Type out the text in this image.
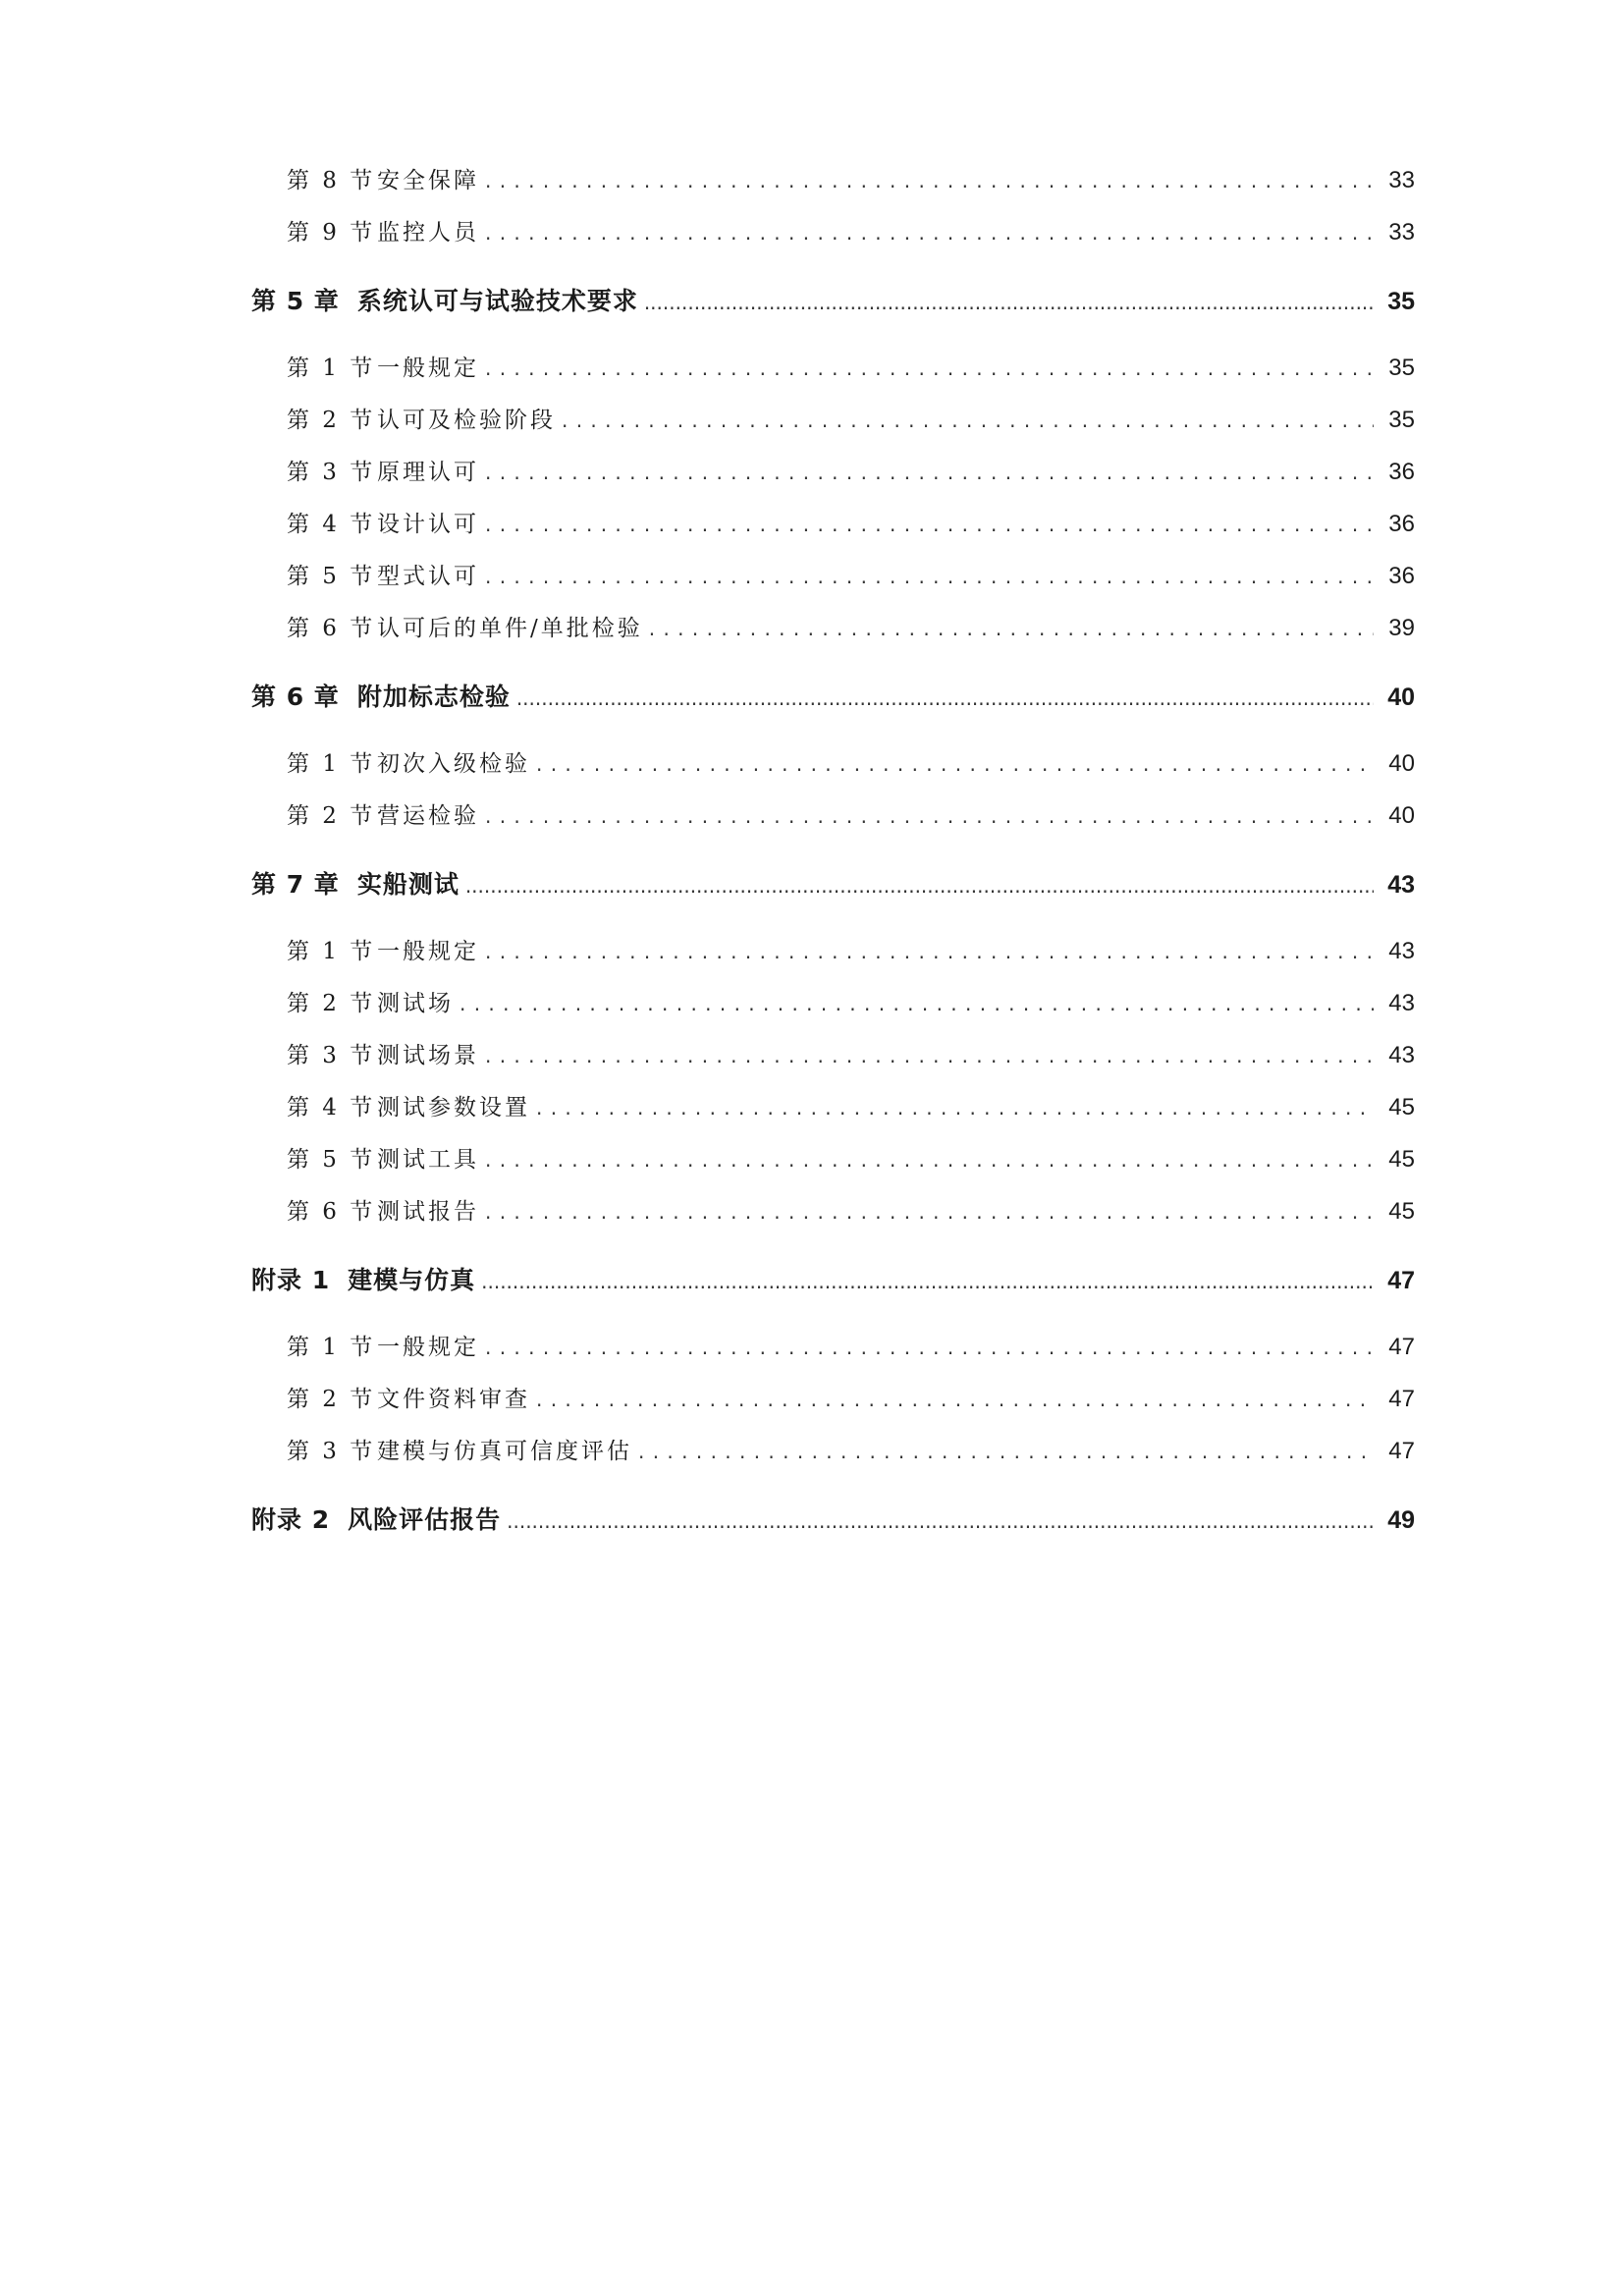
第 8 节安全保障 . . .	33
第 9 节监控人员 . . .	33
第 5 章 系统认可与试验技术要求 .....	35
第 1 节一般规定 . . .	35
第 2 节认可及检验阶段 . . .	35
第 3 节原理认可 . . .	36
第 4 节设计认可 . . .	36
第 5 节型式认可 . . .	36
第 6 节认可后的单件/单批检验 . . .	39
第 6 章 附加标志检验 .....	40
第 1 节初次入级检验 . . .	40
第 2 节营运检验 . . .	40
第 7 章 实船测试 .....	43
第 1 节一般规定 . . .	43
第 2 节测试场 . . .	43
第 3 节测试场景 . . .	43
第 4 节测试参数设置 . . .	45
第 5 节测试工具 . . .	45
第 6 节测试报告 . . .	45
附录 1 建模与仿真 .....	47
第 1 节一般规定 . . .	47
第 2 节文件资料审查 . . .	47
第 3 节建模与仿真可信度评估 . . .	47
附录 2 风险评估报告 .....	49
